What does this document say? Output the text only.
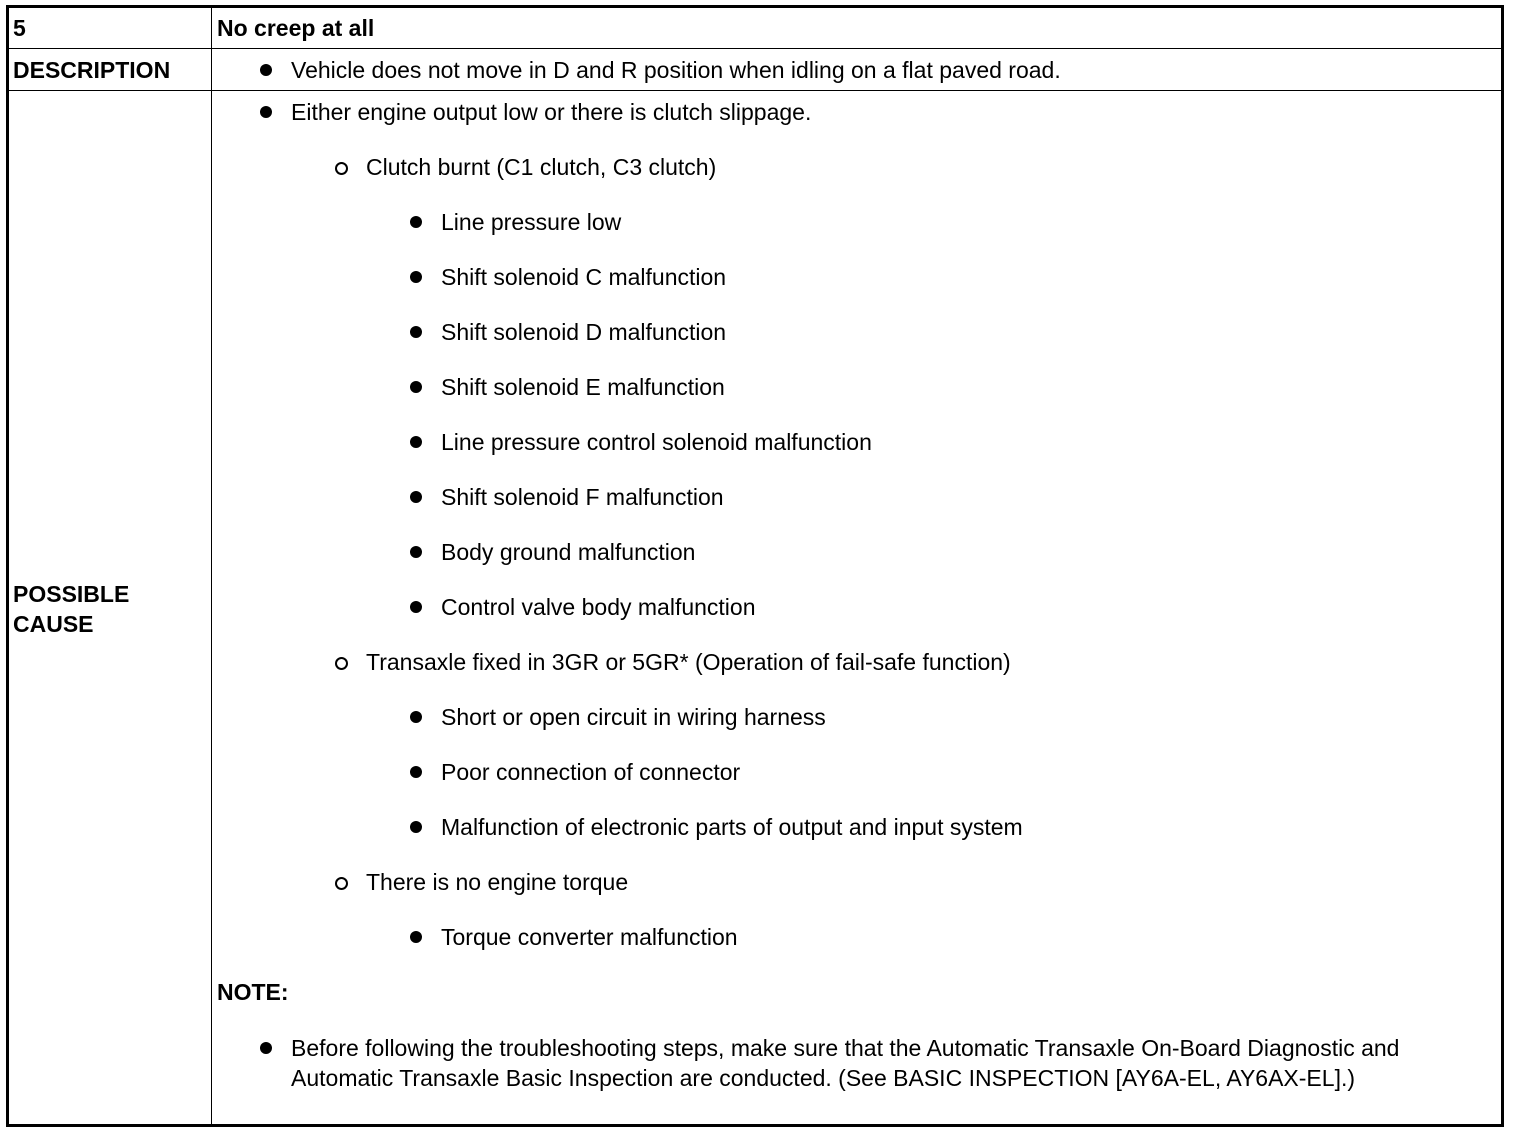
5	No creep at all
DESCRIPTION	Vehicle does not move in D and R position when idling on a flat paved road.
POSSIBLE
CAUSE
Either engine output low or there is clutch slippage.
Clutch burnt (C1 clutch, C3 clutch)
Line pressure low
Shift solenoid C malfunction
Shift solenoid D malfunction
Shift solenoid E malfunction
Line pressure control solenoid malfunction
Shift solenoid F malfunction
Body ground malfunction
Control valve body malfunction
Transaxle fixed in 3GR or 5GR* (Operation of fail-safe function)
Short or open circuit in wiring harness
Poor connection of connector
Malfunction of electronic parts of output and input system
There is no engine torque
Torque converter malfunction
NOTE:
Before following the troubleshooting steps, make sure that the Automatic Transaxle On-Board Diagnostic and Automatic Transaxle Basic Inspection are conducted. (See BASIC INSPECTION [AY6A-EL, AY6AX-EL].)
